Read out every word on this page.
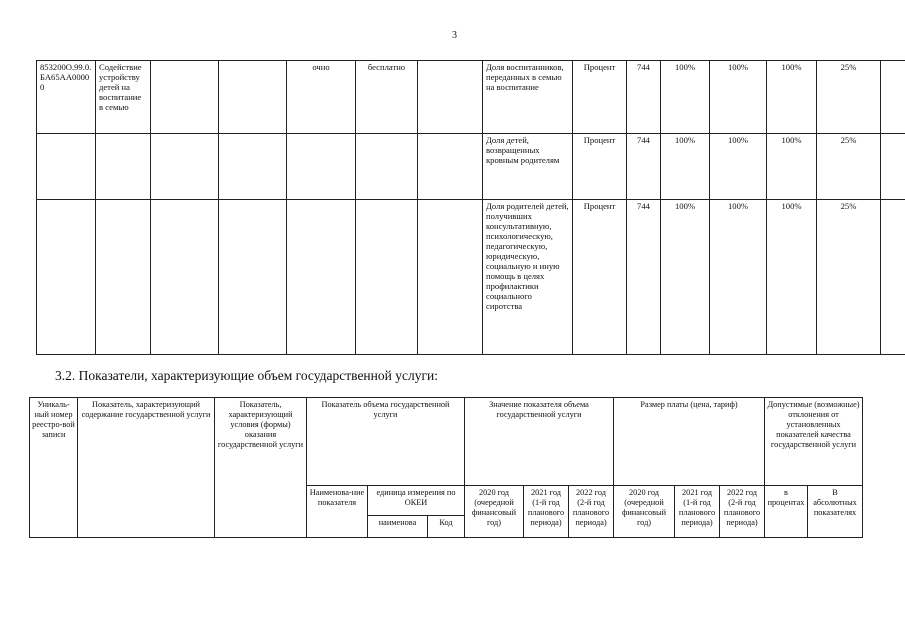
3
853200О.99.0.БА65АА00000	Содействие устройству детей на воспитание в семью			очно	бесплатно		Доля воспитанников, переданных в семью на воспитание	Процент	744	100%	100%	100%	25%	
							Доля детей, возвращенных кровным родителям	Процент	744	100%	100%	100%	25%	
							Доля родителей детей, получивших консультативную, психологическую, педагогическую, юридическую, социальную и иную помощь в целях профилактики социального сиротства	Процент	744	100%	100%	100%	25%	
3.2. Показатели, характеризующие объем государственной услуги:
Уникаль-ный номер реестро-вой записи	Показатель, характеризующий содержание государственной услуги	Показатель, характеризующий условия (формы) оказания государственной услуги	Показатель объема государственной услуги			Значение показателя объема государственной услуги			Размер платы (цена, тариф)			Допустимые (возможные) отклонения от установленных показателей качества государственной услуги	
			Наименова-ние показателя	единица измерения по ОКЕИ		2020 год (очередной финансовый год)	2021 год (1-й год планового периода)	2022 год (2-й год планового периода)	2020 год (очередной финансовый год)	2021 год (1-й год планового периода)	2022 год (2-й год планового периода)	в процентах	В абсолютных показателях
				наименова	Код								
